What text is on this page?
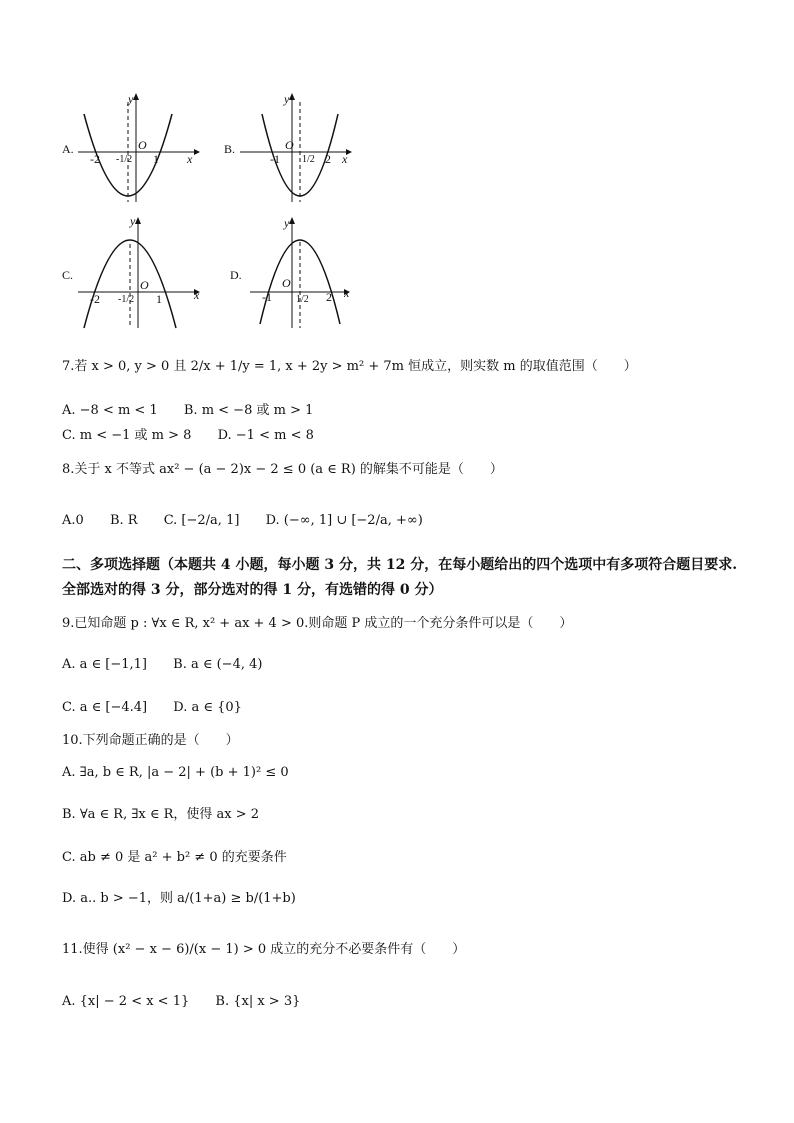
A.
y
x
O
-2 -1/2 1
B.
y
x
O
-1 1/2 2
C.
y
x
O
-2 -1/2 1
D.
y
x
O
-1 1/2 2
7.若 x > 0, y > 0 且 2/x + 1/y = 1, x + 2y > m² + 7m 恒成立，则实数 m 的取值范围（　　）
A. −8 < m < 1 B. m < −8 或 m > 1
C. m < −1 或 m > 8 D. −1 < m < 8
8.关于 x 不等式 ax² − (a − 2)x − 2 ≤ 0 (a ∈ R) 的解集不可能是（　　）
A.0 B. R C. [−2/a, 1] D. (−∞, 1] ∪ [−2/a, +∞)
二、多项选择题（本题共 4 小题，每小题 3 分，共 12 分，在每小题给出的四个选项中有多项符合题目要求.全部选对的得 3 分，部分选对的得 1 分，有选错的得 0 分）
9.已知命题 p : ∀x ∈ R, x² + ax + 4 > 0.则命题 P 成立的一个充分条件可以是（　　）
A. a ∈ [−1,1] B. a ∈ (−4, 4)
C. a ∈ [−4.4] D. a ∈ {0}
10.下列命题正确的是（　　）
A. ∃a, b ∈ R, |a − 2| + (b + 1)² ≤ 0
B. ∀a ∈ R, ∃x ∈ R，使得 ax > 2
C. ab ≠ 0 是 a² + b² ≠ 0 的充要条件
D. a.. b > −1，则 a/(1+a) ≥ b/(1+b)
11.使得 (x² − x − 6)/(x − 1) > 0 成立的充分不必要条件有（　　）
A. {x| − 2 < x < 1} B. {x| x > 3}
